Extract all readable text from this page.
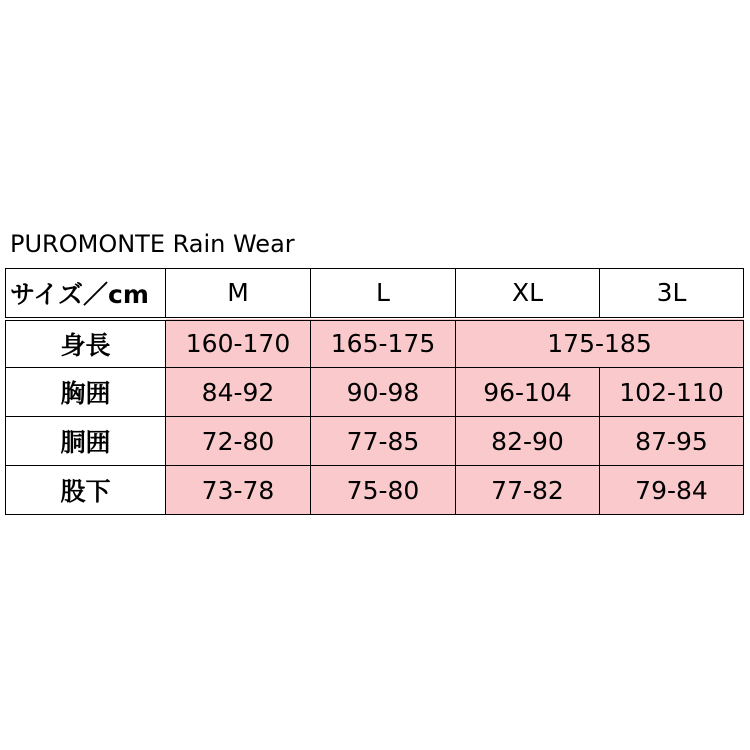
PUROMONTE Rain Wear
サイズ／cm	M	L	XL	3L
身長	160-170	165-175	175-185	
胸囲	84-92	90-98	96-104	102-110
胴囲	72-80	77-85	82-90	87-95
股下	73-78	75-80	77-82	79-84
